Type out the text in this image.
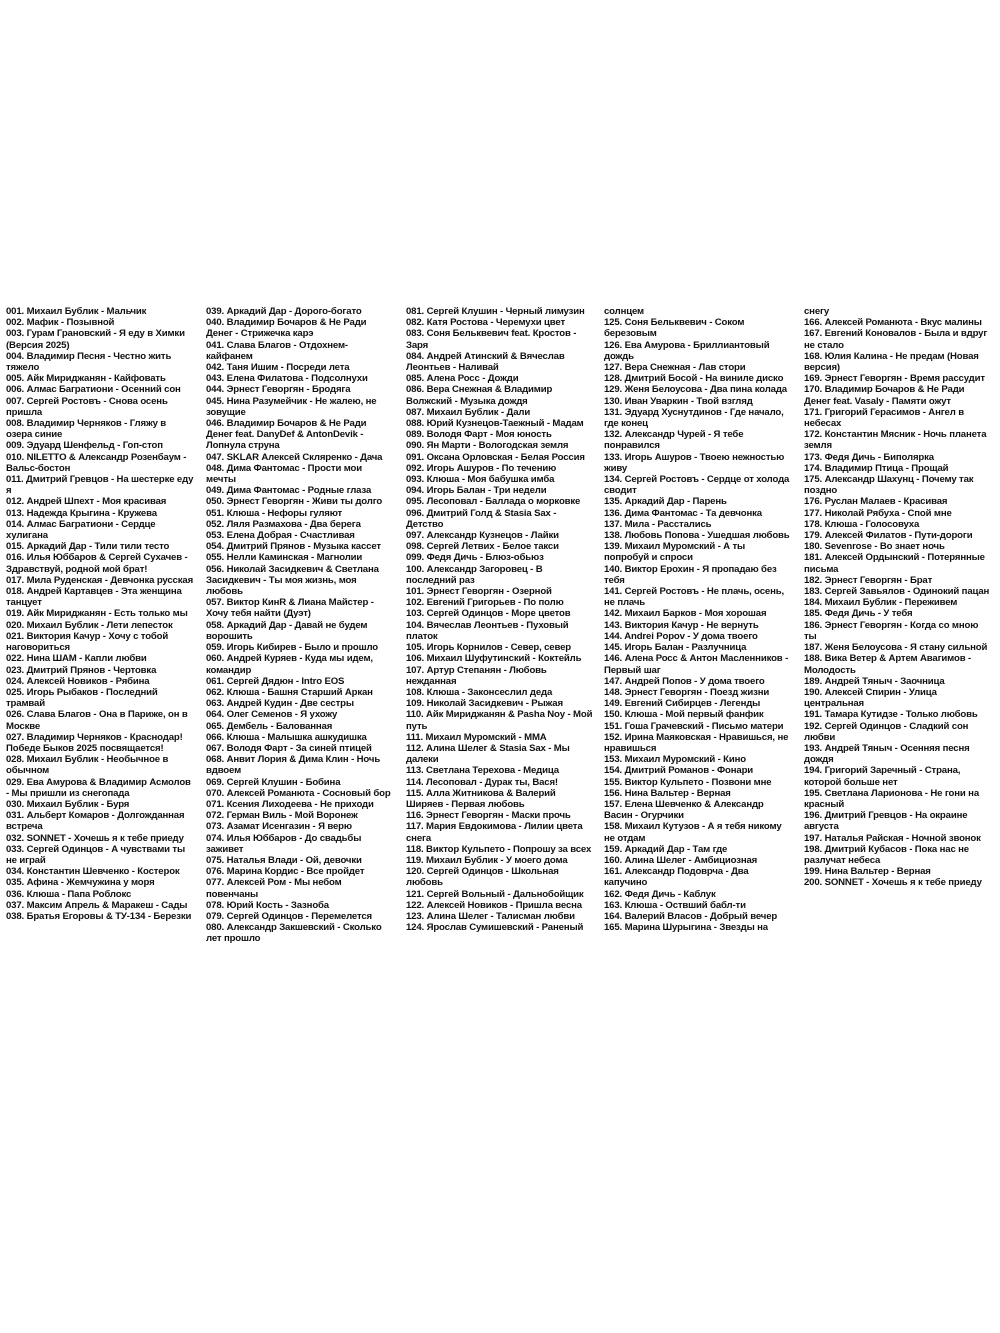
001. Михаил Бублик - Мальчик
002. Мафик - Позывной
003. Гурам Грановский - Я еду в Химки (Версия 2025)
004. Владимир Песня - Честно жить тяжело
005. Айк Мириджанян - Кайфовать
006. Алмас Багратиони - Осенний сон
007. Сергей Ростовъ - Снова осень пришла
008. Владимир Черняков - Гляжу в озера синие
009. Эдуард Шенфельд - Гоп-стоп
010. NILETTO & Александр Розенбаум - Вальс-бостон
011. Дмитрий Гревцов - На шестерке еду я
012. Андрей Шпехт - Моя красивая
013. Надежда Крыгина - Кружева
014. Алмас Багратиони - Сердце хулигана
015. Аркадий Дар - Тили тили тесто
016. Илья Юббаров & Сергей Сухачев - Здравствуй, родной мой брат!
017. Мила Руденская - Девчонка русская
018. Андрей Картавцев - Эта женщина танцует
019. Айк Мириджанян - Есть только мы
020. Михаил Бублик - Лети лепесток
021. Виктория Качур - Хочу с тобой наговориться
022. Нина ШАМ - Капли любви
023. Дмитрий Прянов - Чертовка
024. Алексей Новиков - Рябина
025. Игорь Рыбаков - Последний трамвай
026. Слава Благов - Она в Париже, он в Москве
027. Владимир Черняков - Краснодар! Победе Быков 2025 посвящается!
028. Михаил Бублик - Необычное в обычном
029. Ева Амурова & Владимир Асмолов - Мы пришли из снегопада
030. Михаил Бублик - Буря
031. Альберт Комаров - Долгожданная встреча
032. SONNET - Хочешь я к тебе приеду
033. Сергей Одинцов - А чувствами ты не играй
034. Константин Шевченко - Костерок
035. Афина - Жемчужина у моря
036. Клюша - Папа Роблокс
037. Максим Апрель & Маракеш - Сады
038. Братья Егоровы & ТУ-134 - Березки
039. Аркадий Дар - Дорого-богато
040. Владимир Бочаров & Не Ради Денег - Стрижечка карэ
041. Слава Благов - Отдохнем-кайфанем
042. Таня Ишим - Посреди лета
043. Елена Филатова - Подсолнухи
044. Эрнест Геворгян - Бродяга
045. Нина Разумейчик - Не жалею, не зовущие
046. Владимир Бочаров & Не Ради Денег feat. DanyDef & AntonDevik - Лопнула струна
047. SKLAR Алексей Скляренко - Дача
048. Дима Фантомас - Прости мои мечты
049. Дима Фантомас - Родные глаза
050. Эрнест Геворгян - Живи ты долго
051. Клюша - Нефоры гуляют
052. Ляля Размахова - Два берега
053. Елена Добрая - Счастливая
054. Дмитрий Прянов - Музыка кассет
055. Нелли Каминская - Магнолии
056. Николай Засидкевич & Светлана Засидкевич - Ты моя жизнь, моя любовь
057. Виктор КинR & Лиана Майстер - Хочу тебя найти (Дуэт)
058. Аркадий Дар - Давай не будем ворошить
059. Игорь Кибирев - Было и прошло
060. Андрей Куряев - Куда мы идем, командир
061. Сергей Дядюн - Intro EOS
062. Клюша - Башня Старший Аркан
063. Андрей Кудин - Две сестры
064. Олег Семенов - Я ухожу
065. Дембель - Балованная
066. Клюша - Малышка ашкудишка
067. Володя Фарт - За синей птицей
068. Анвит Лория & Дима Клин - Ночь вдвоем
069. Сергей Клушин - Бобина
070. Алексей Романюта - Сосновый бор
071. Ксения Лиходеева - Не приходи
072. Герман Виль - Мой Воронеж
073. Азамат Исенгазин - Я верю
074. Илья Юббаров - До свадьбы заживет
075. Наталья Влади - Ой, девочки
076. Марина Кордис - Все пройдет
077. Алексей Ром - Мы небом повенчаны
078. Юрий Кость - Зазноба
079. Сергей Одинцов - Перемелется
080. Александр Закшевский - Сколько лет прошло
081. Сергей Клушин - Черный лимузин
082. Катя Ростова - Черемухи цвет
083. Соня Бельквевич feat. Кростов - Заря
084. Андрей Атинский & Вячеслав Леонтьев - Наливай
085. Алена Росс - Дожди
086. Вера Снежная & Владимир Волжский - Музыка дождя
087. Михаил Бублик - Дали
088. Юрий Кузнецов-Таежный - Мадам
089. Володя Фарт - Моя юность
090. Ян Марти - Вологодская земля
091. Оксана Орловская - Белая Россия
092. Игорь Ашуров - По течению
093. Клюша - Моя бабушка имба
094. Игорь Балан - Три недели
095. Лесоповал - Баллада о морковке
096. Дмитрий Голд & Stasia Sax - Детство
097. Александр Кузнецов - Лайки
098. Сергей Летвих - Белое такси
099. Федя Дичь - Блюз-обьюз
100. Александр Загоровец - В последний раз
101. Эрнест Геворгян - Озерной
102. Евгений Григорьев - По полю
103. Сергей Одинцов - Море цветов
104. Вячеслав Леонтьев - Пуховый платок
105. Игорь Корнилов - Север, север
106. Михаил Шуфутинский - Коктейль
107. Артур Степанян - Любовь нежданная
108. Клюша - Законсеслил деда
109. Николай Засидкевич - Рыжая
110. Айк Мириджанян & Pasha Noy - Мой путь
111. Михаил Муромский - ММА
112. Алина Шелег & Stasia Sax - Мы далеки
113. Светлана Терехова - Медица
114. Лесоповал - Дурак ты, Вася!
115. Алла Житникова & Валерий Ширяев - Первая любовь
116. Эрнест Геворгян - Маски прочь
117. Мария Евдокимова - Лилии цвета снега
118. Виктор Кульпето - Попрошу за всех
119. Михаил Бублик - У моего дома
120. Сергей Одинцов - Школьная любовь
121. Сергей Вольный - Дальнобойщик
122. Алексей Новиков - Пришла весна
123. Алина Шелег - Талисман любви
124. Ярослав Сумишевский - Раненый
солнцем
125. Соня Бельквевич - Соком березовым
126. Ева Амурова - Бриллиантовый дождь
127. Вера Снежная - Лав стори
128. Дмитрий Босой - На виниле диско
129. Женя Белоусова - Два пина колада
130. Иван Уваркин - Твой взгляд
131. Эдуард Хуснутдинов - Где начало, где конец
132. Александр Чурей - Я тебе понравился
133. Игорь Ашуров - Твоею нежностью живу
134. Сергей Ростовъ - Сердце от холода сводит
135. Аркадий Дар - Парень
136. Дима Фантомас - Та девчонка
137. Мила - Расстались
138. Любовь Попова - Ушедшая любовь
139. Михаил Муромский - А ты попробуй и спроси
140. Виктор Ерохин - Я пропадаю без тебя
141. Сергей Ростовъ - Не плачь, осень, не плачь
142. Михаил Барков - Моя хорошая
143. Виктория Качур - Не вернуть
144. Andrei Popov - У дома твоего
145. Игорь Балан - Разлучница
146. Алена Росс & Антон Масленников - Первый шаг
147. Андрей Попов - У дома твоего
148. Эрнест Геворгян - Поезд жизни
149. Евгений Сибирцев - Легенды
150. Клюша - Мой первый фанфик
151. Гоша Грачевский - Письмо матери
152. Ирина Маяковская - Нравишься, не нравишься
153. Михаил Муромский - Кино
154. Дмитрий Романов - Фонари
155. Виктор Кульпето - Позвони мне
156. Нина Вальтер - Верная
157. Елена Шевченко & Александр Васин - Огурчики
158. Михаил Кутузов - А я тебя никому не отдам
159. Аркадий Дар - Там где
160. Алина Шелег - Амбициозная
161. Александр Подоврча - Два капучино
162. Федя Дичь - Каблук
163. Клюша - Оствший бабл-ти
164. Валерий Власов - Добрый вечер
165. Марина Шурыгина - Звезды на
снегу
166. Алексей Романюта - Вкус малины
167. Евгений Коновалов - Была и вдруг не стало
168. Юлия Калина - Не предам (Новая версия)
169. Эрнест Геворгян - Время рассудит
170. Владимир Бочаров & Не Ради Денег feat. Vasaly - Памяти ожут
171. Григорий Герасимов - Ангел в небесах
172. Константин Мясник - Ночь планета земля
173. Федя Дичь - Биполярка
174. Владимир Птица - Прощай
175. Александр Шахунц - Почему так поздно
176. Руслан Малаев - Красивая
177. Николай Рябуха - Спой мне
178. Клюша - Голосовуха
179. Алексей Филатов - Пути-дороги
180. Sevenrose - Во знает ночь
181. Алексей Ордынский - Потерянные письма
182. Эрнест Геворгян - Брат
183. Сергей Завьялов - Одинокий пацан
184. Михаил Бублик - Переживем
185. Федя Дичь - У тебя
186. Эрнест Геворгян - Когда со мною ты
187. Женя Белоусова - Я стану сильной
188. Вика Ветер & Артем Авагимов - Молодость
189. Андрей Тяныч - Заочница
190. Алексей Спирин - Улица центральная
191. Тамара Кутидзе - Только любовь
192. Сергей Одинцов - Сладкий сон любви
193. Андрей Тяныч - Осенняя песня дождя
194. Григорий Заречный - Страна, которой больше нет
195. Светлана Ларионова - Не гони на красный
196. Дмитрий Гревцов - На окраине августа
197. Наталья Райская - Ночной звонок
198. Дмитрий Кубасов - Пока нас не разлучат небеса
199. Нина Вальтер - Верная
200. SONNET - Хочешь я к тебе приеду
